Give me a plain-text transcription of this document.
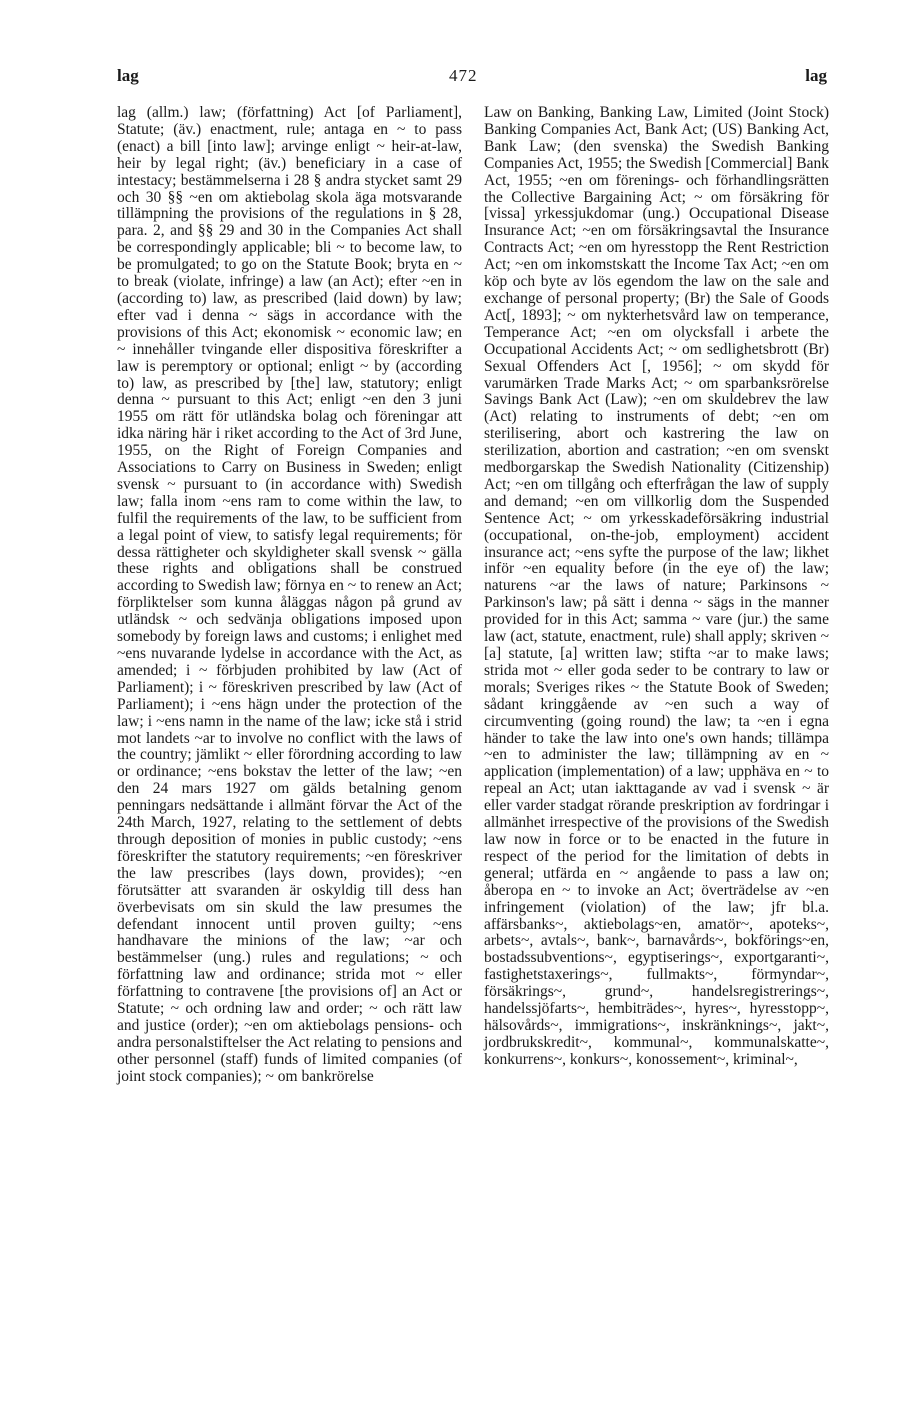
lag	472	lag

lag (allm.) law; (författning) Act [of Parliament], Statute; (äv.) enactment, rule; antaga en ~ to pass (enact) a bill [into law]; arvinge enligt ~ heir-at-law, heir by legal right; (äv.) beneficiary in a case of intestacy; bestämmelserna i 28 § andra stycket samt 29 och 30 §§ ~en om aktiebolag skola äga motsvarande tillämpning the provisions of the regulations in § 28, para. 2, and §§ 29 and 30 in the Companies Act shall be correspondingly applicable; bli ~ to become law, to be promulgated; to go on the Statute Book; bryta en ~ to break (violate, infringe) a law (an Act); efter ~en in (according to) law, as prescribed (laid down) by law; efter vad i denna ~ sägs in accordance with the provisions of this Act; ekonomisk ~ economic law; en ~ innehåller tvingande eller dispositiva föreskrifter a law is peremptory or optional; enligt ~ by (according to) law, as prescribed by [the] law, statutory; enligt denna ~ pursuant to this Act; enligt ~en den 3 juni 1955 om rätt för utländska bolag och föreningar att idka näring här i riket according to the Act of 3rd June, 1955, on the Right of Foreign Companies and Associations to Carry on Business in Sweden; enligt svensk ~ pursuant to (in accordance with) Swedish law; falla inom ~ens ram to come within the law, to fulfil the requirements of the law, to be sufficient from a legal point of view, to satisfy legal requirements; för dessa rättigheter och skyldigheter skall svensk ~ gälla these rights and obligations shall be construed according to Swedish law; förnya en ~ to renew an Act; förpliktelser som kunna åläggas någon på grund av utländsk ~ och sedvänja obligations imposed upon somebody by foreign laws and customs; i enlighet med ~ens nuvarande lydelse in accordance with the Act, as amended; i ~ förbjuden prohibited by law (Act of Parliament); i ~ föreskriven prescribed by law (Act of Parliament); i ~ens hägn under the protection of the law; i ~ens namn in the name of the law; icke stå i strid mot landets ~ar to involve no conflict with the laws of the country; jämlikt ~ eller förordning according to law or ordinance; ~ens bokstav the letter of the law; ~en den 24 mars 1927 om gälds betalning genom penningars nedsättande i allmänt förvar the Act of the 24th March, 1927, relating to the settlement of debts through deposition of monies in public custody; ~ens föreskrifter the statutory requirements; ~en föreskriver the law prescribes (lays down, provides); ~en förutsätter att svaranden är oskyldig till dess han överbevisats om sin skuld the law presumes the defendant innocent until proven guilty; ~ens handhavare the minions of the law; ~ar och bestämmelser (ung.) rules and regulations; ~ och författning law and ordinance; strida mot ~ eller författning to contravene [the provisions of] an Act or Statute; ~ och ordning law and order; ~ och rätt law and justice (order); ~en om aktiebolags pensions- och andra personalstiftelser the Act relating to pensions and other personnel (staff) funds of limited companies (of joint stock companies); ~ om bankrörelse

Law on Banking, Banking Law, Limited (Joint Stock) Banking Companies Act, Bank Act; (US) Banking Act, Bank Law; (den svenska) the Swedish Banking Companies Act, 1955; the Swedish [Commercial] Bank Act, 1955; ~en om förenings- och förhandlingsrätten the Collective Bargaining Act; ~ om försäkring för [vissa] yrkessjukdomar (ung.) Occupational Disease Insurance Act; ~en om försäkringsavtal the Insurance Contracts Act; ~en om hyresstopp the Rent Restriction Act; ~en om inkomstskatt the Income Tax Act; ~en om köp och byte av lös egendom the law on the sale and exchange of personal property; (Br) the Sale of Goods Act[, 1893]; ~ om nykterhetsvård law on temperance, Temperance Act; ~en om olycksfall i arbete the Occupational Accidents Act; ~ om sedlighetsbrott (Br) Sexual Offenders Act [, 1956]; ~ om skydd för varumärken Trade Marks Act; ~ om sparbanksrörelse Savings Bank Act (Law); ~en om skuldebrev the law (Act) relating to instruments of debt; ~en om sterilisering, abort och kastrering the law on sterilization, abortion and castration; ~en om svenskt medborgarskap the Swedish Nationality (Citizenship) Act; ~en om tillgång och efterfrågan the law of supply and demand; ~en om villkorlig dom the Suspended Sentence Act; ~ om yrkesskadeförsäkring industrial (occupational, on-the-job, employment) accident insurance act; ~ens syfte the purpose of the law; likhet inför ~en equality before (in the eye of) the law; naturens ~ar the laws of nature; Parkinsons ~ Parkinson's law; på sätt i denna ~ sägs in the manner provided for in this Act; samma ~ vare (jur.) the same law (act, statute, enactment, rule) shall apply; skriven ~ [a] statute, [a] written law; stifta ~ar to make laws; strida mot ~ eller goda seder to be contrary to law or morals; Sveriges rikes ~ the Statute Book of Sweden; sådant kringgående av ~en such a way of circumventing (going round) the law; ta ~en i egna händer to take the law into one's own hands; tillämpa ~en to administer the law; tillämpning av en ~ application (implementation) of a law; upphäva en ~ to repeal an Act; utan iakttagande av vad i svensk ~ är eller varder stadgat rörande preskription av fordringar i allmänhet irrespective of the provisions of the Swedish law now in force or to be enacted in the future in respect of the period for the limitation of debts in general; utfärda en ~ angående to pass a law on; åberopa en ~ to invoke an Act; överträdelse av ~en infringement (violation) of the law; jfr bl.a. affärsbanks~, aktiebolags~en, amatör~, apoteks~, arbets~, avtals~, bank~, barnavårds~, bokförings~en, bostadssubventions~, egyptiserings~, exportgaranti~, fastighetstaxerings~, fullmakts~, förmyndar~, försäkrings~, grund~, handelsregistrerings~, handelssjöfarts~, hembiträdes~, hyres~, hyresstopp~, hälsovårds~, immigrations~, inskränknings~, jakt~, jordbrukskredit~, kommunal~, kommunalskatte~, konkurrens~, konkurs~, konossement~, kriminal~,
